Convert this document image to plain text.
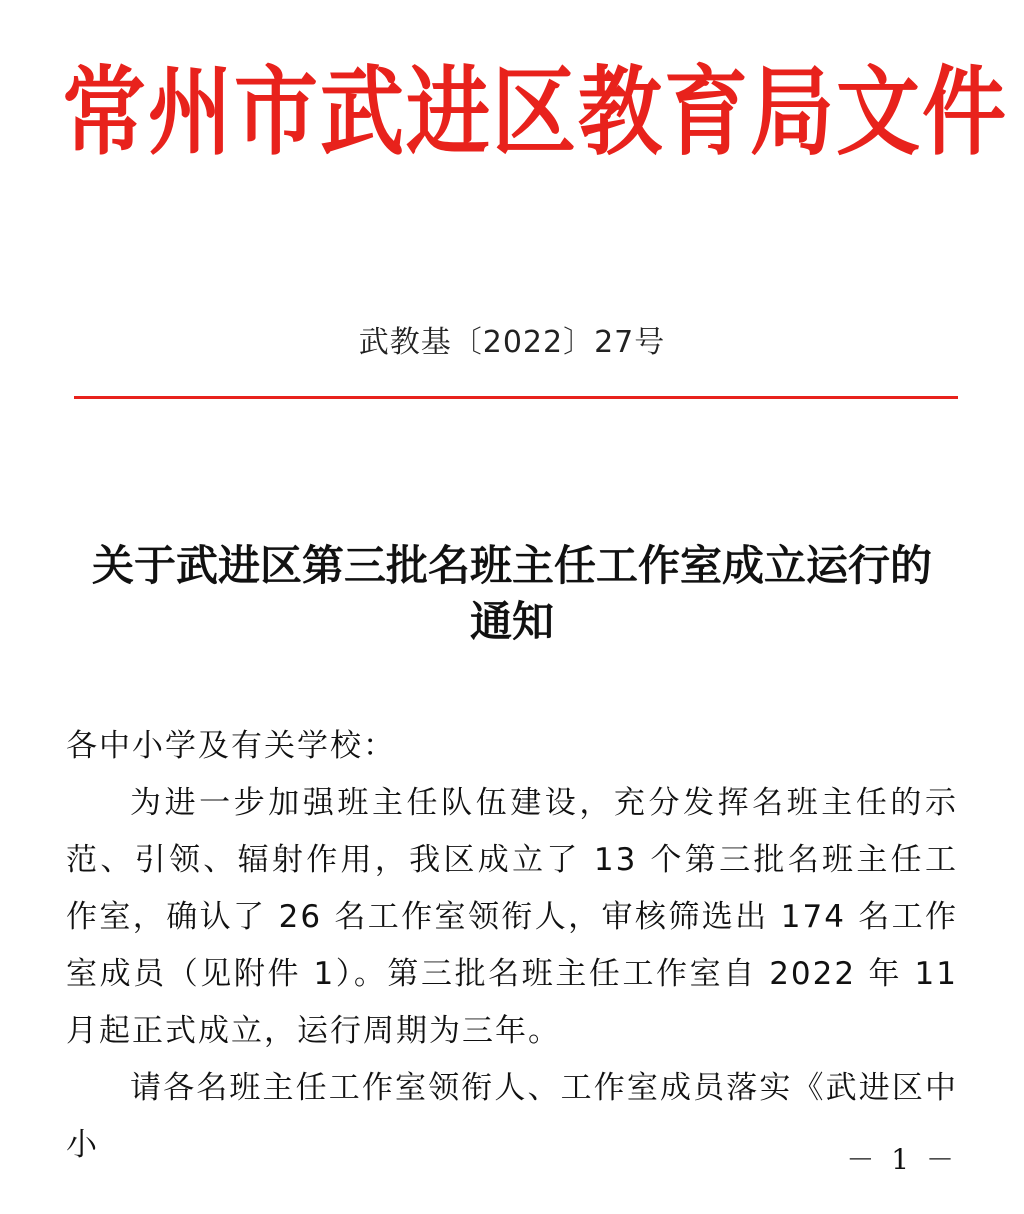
常州市武进区教育局文件
武教基〔2022〕27号
关于武进区第三批名班主任工作室成立运行的
通知

各中小学及有关学校：

为进一步加强班主任队伍建设，充分发挥名班主任的示范、引领、辐射作用，我区成立了 13 个第三批名班主任工作室，确认了 26 名工作室领衔人，审核筛选出 174 名工作室成员（见附件 1）。第三批名班主任工作室自 2022 年 11 月起正式成立，运行周期为三年。

请各名班主任工作室领衔人、工作室成员落实《武进区中小	－ 1 －
